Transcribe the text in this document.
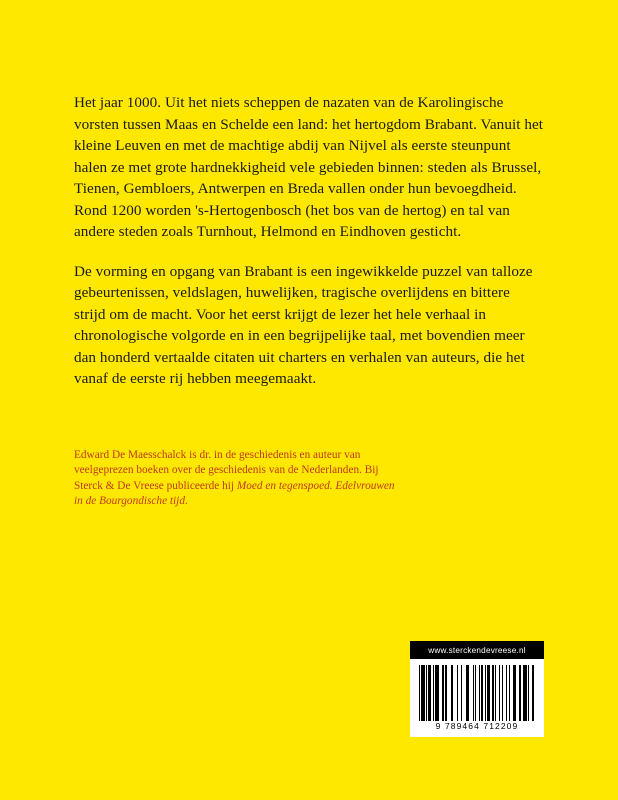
Het jaar 1000. Uit het niets scheppen de nazaten van de Karolingische vorsten tussen Maas en Schelde een land: het hertogdom Brabant. Vanuit het kleine Leuven en met de machtige abdij van Nijvel als eerste steunpunt halen ze met grote hardnekkigheid vele gebieden binnen: steden als Brussel, Tienen, Gembloers, Antwerpen en Breda vallen onder hun bevoegdheid. Rond 1200 worden 's-Hertogenbosch (het bos van de hertog) en tal van andere steden zoals Turnhout, Helmond en Eindhoven gesticht.

De vorming en opgang van Brabant is een ingewikkelde puzzel van talloze gebeurtenissen, veldslagen, huwelijken, tragische overlijdens en bittere strijd om de macht. Voor het eerst krijgt de lezer het hele verhaal in chronologische volgorde en in een begrijpelijke taal, met bovendien meer dan honderd vertaalde citaten uit charters en verhalen van auteurs, die het vanaf de eerste rij hebben meegemaakt.

Edward De Maesschalck is dr. in de geschiedenis en auteur van veelgeprezen boeken over de geschiedenis van de Nederlanden. Bij Sterck & De Vreese publiceerde hij Moed en tegenspoed. Edelvrouwen in de Bourgondische tijd.
www.sterckendevreese.nl
9 789464 712209
